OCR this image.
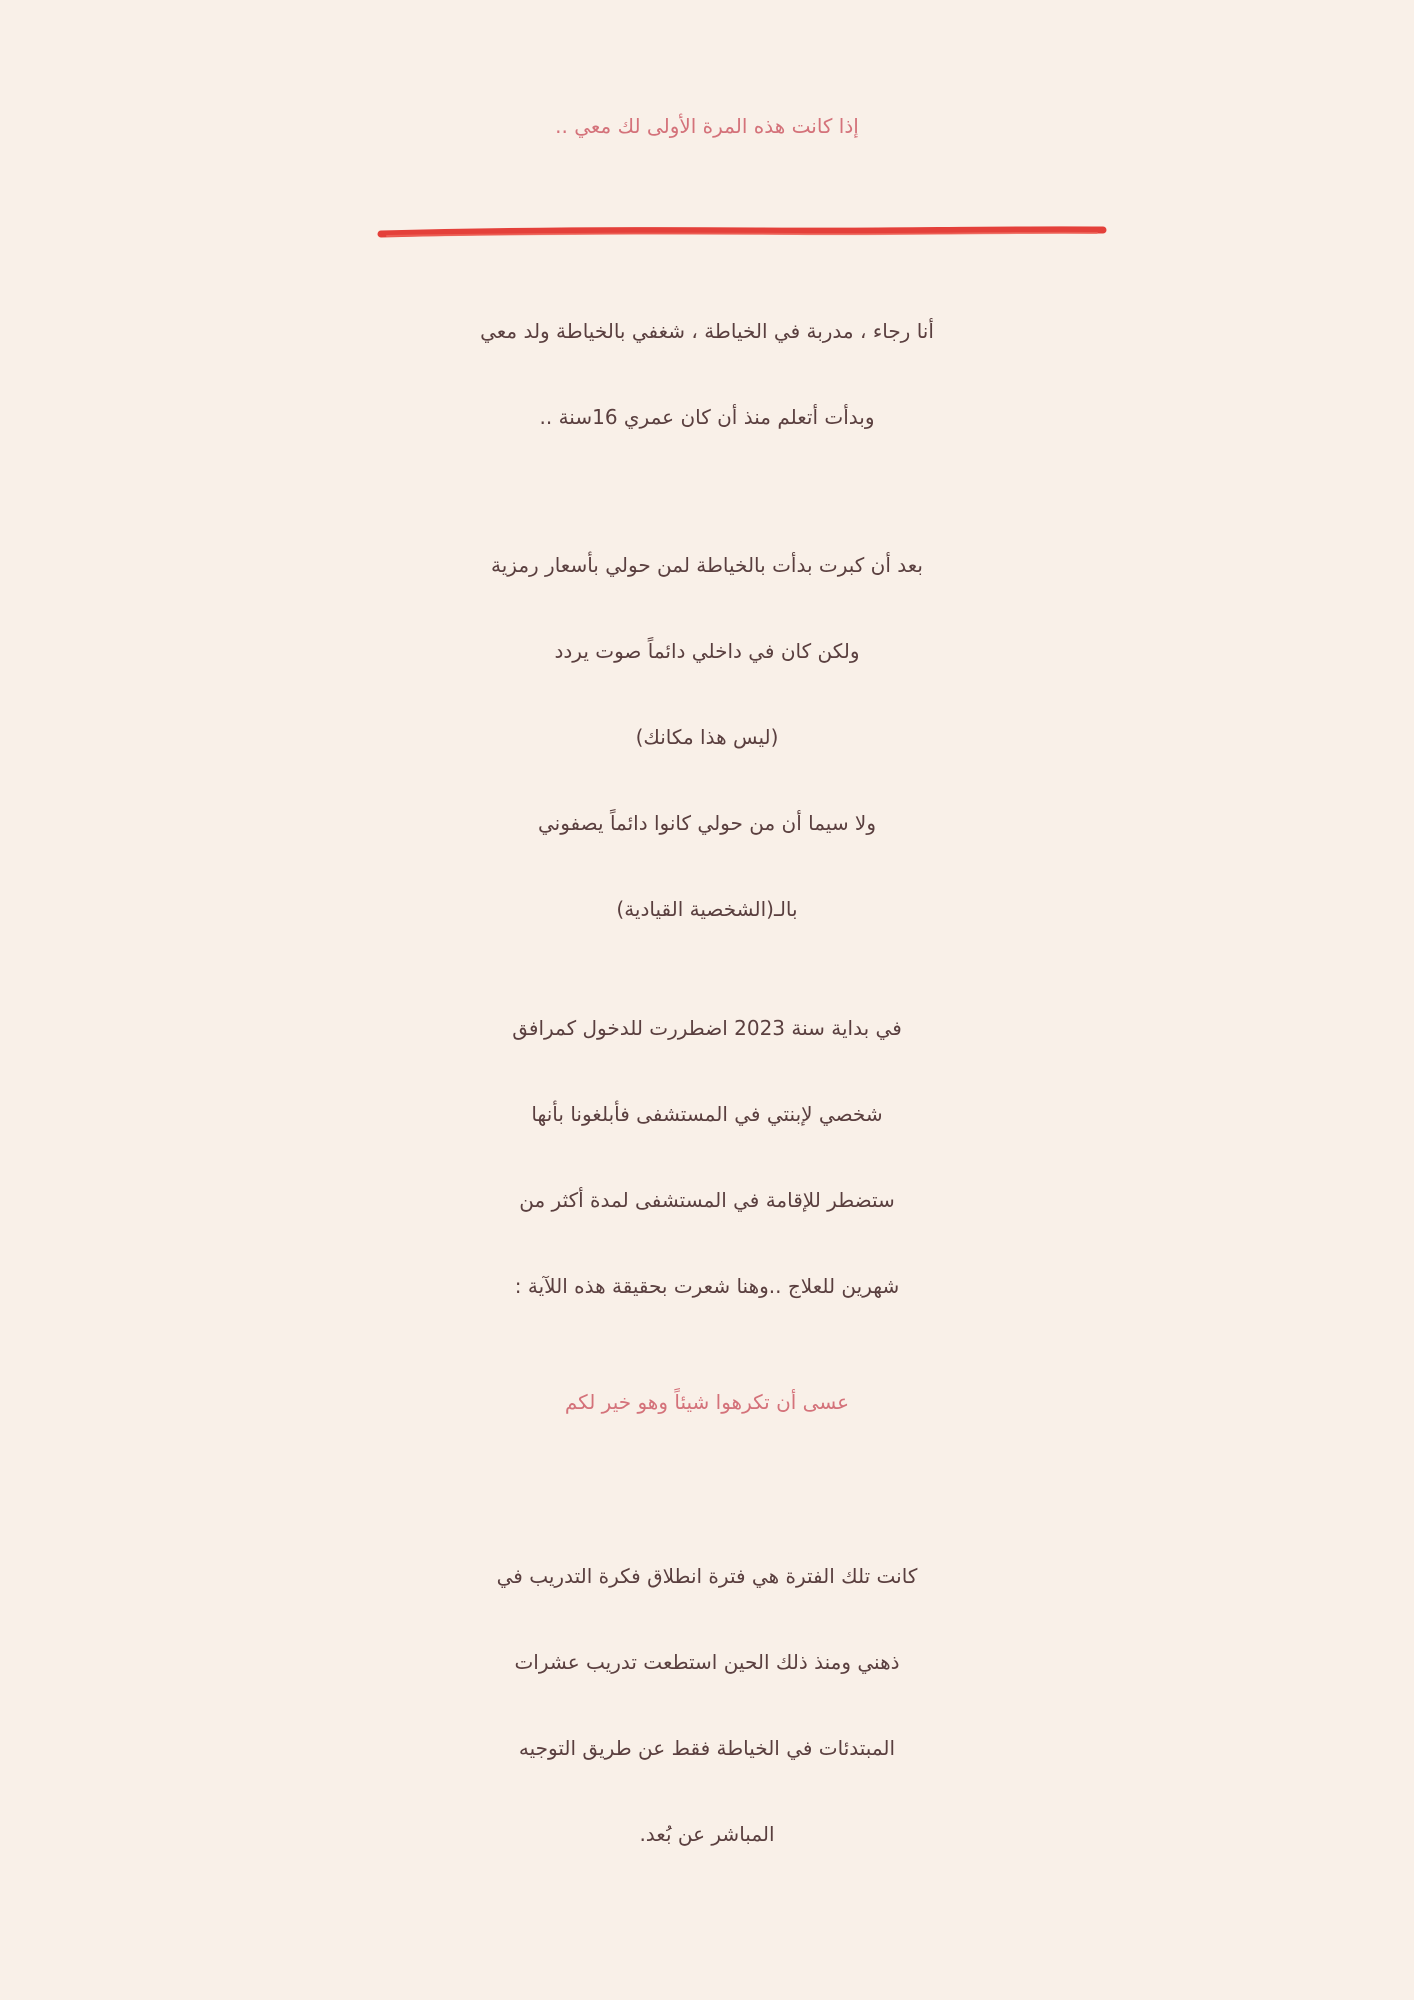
إذا كانت هذه المرة الأولى لك معي ..
أنا رجاء ، مدربة في الخياطة ، شغفي بالخياطة ولد معي
وبدأت أتعلم منذ أن كان عمري 16سنة ..
بعد أن كبرت بدأت بالخياطة لمن حولي بأسعار رمزية
ولكن كان في داخلي دائماً صوت يردد
(ليس هذا مكانك)
ولا سيما أن من حولي كانوا دائماً يصفوني
بالـ(الشخصية القيادية)
في بداية سنة 2023 اضطررت للدخول كمرافق
شخصي لإبنتي في المستشفى فأبلغونا بأنها
ستضطر للإقامة في المستشفى لمدة أكثر من
شهرين للعلاج ..وهنا شعرت بحقيقة هذه اللآية :
عسى أن تكرهوا شيئاً وهو خير لكم
كانت تلك الفترة هي فترة انطلاق فكرة التدريب في
ذهني ومنذ ذلك الحين استطعت تدريب عشرات
المبتدئات في الخياطة فقط عن طريق التوجيه
المباشر عن بُعد.
